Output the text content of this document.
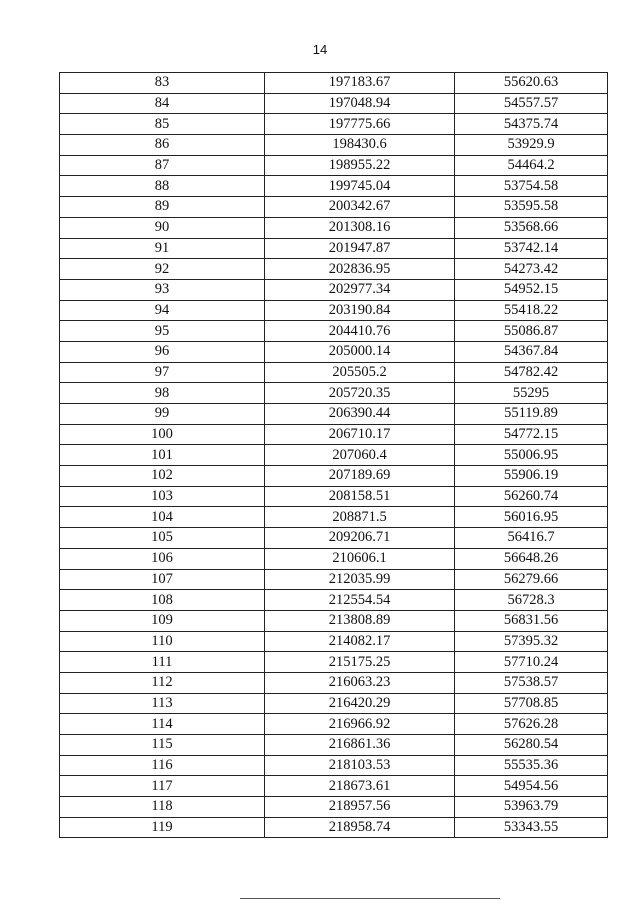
14
83	197183.67	55620.63
84	197048.94	54557.57
85	197775.66	54375.74
86	198430.6	53929.9
87	198955.22	54464.2
88	199745.04	53754.58
89	200342.67	53595.58
90	201308.16	53568.66
91	201947.87	53742.14
92	202836.95	54273.42
93	202977.34	54952.15
94	203190.84	55418.22
95	204410.76	55086.87
96	205000.14	54367.84
97	205505.2	54782.42
98	205720.35	55295
99	206390.44	55119.89
100	206710.17	54772.15
101	207060.4	55006.95
102	207189.69	55906.19
103	208158.51	56260.74
104	208871.5	56016.95
105	209206.71	56416.7
106	210606.1	56648.26
107	212035.99	56279.66
108	212554.54	56728.3
109	213808.89	56831.56
110	214082.17	57395.32
111	215175.25	57710.24
112	216063.23	57538.57
113	216420.29	57708.85
114	216966.92	57626.28
115	216861.36	56280.54
116	218103.53	55535.36
117	218673.61	54954.56
118	218957.56	53963.79
119	218958.74	53343.55
